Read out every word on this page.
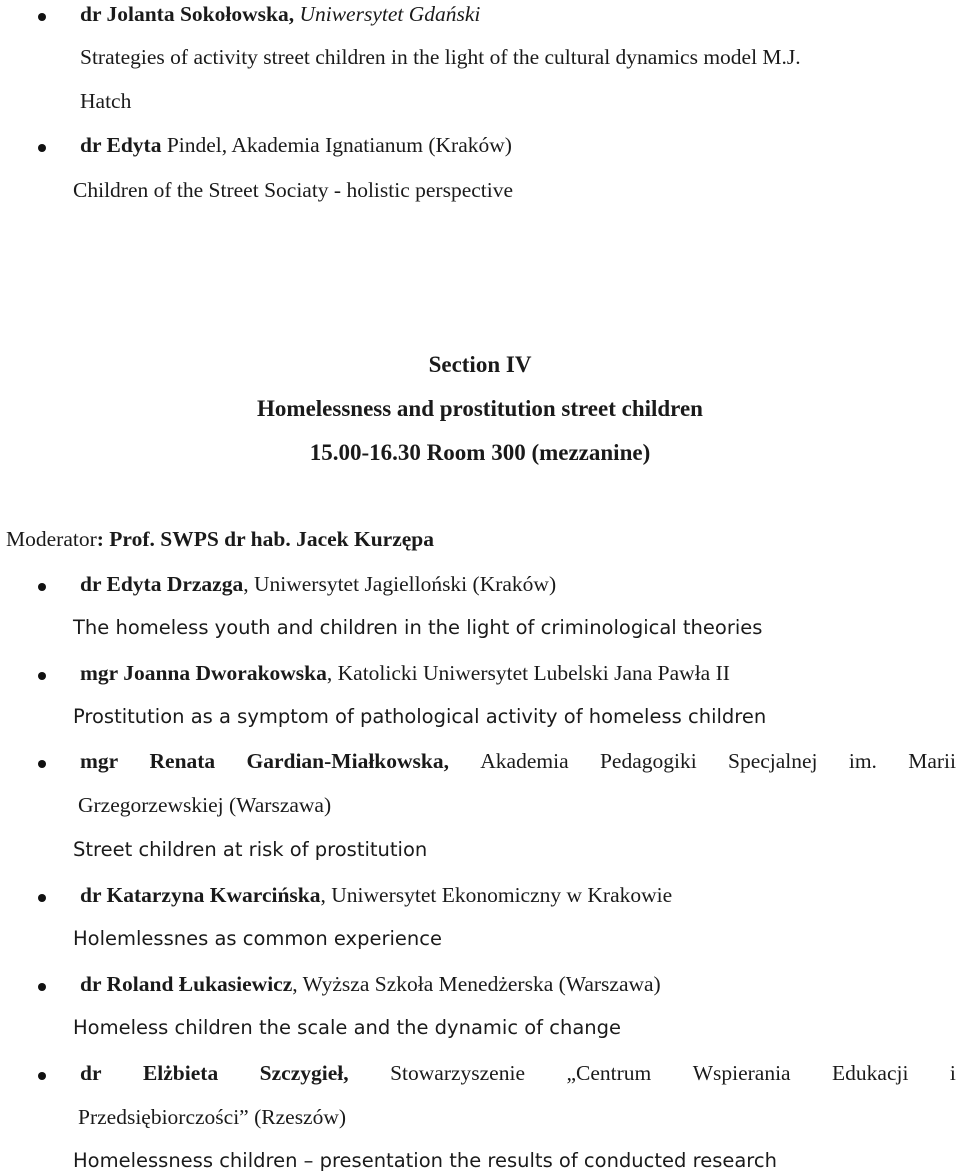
dr Jolanta Sokołowska, Uniwersytet Gdański
Strategies of activity street children in the light of the cultural dynamics model M.J.
Hatch
dr Edyta Pindel, Akademia Ignatianum (Kraków)
Children of the Street Sociaty - holistic perspective
Section IV
Homelessness and prostitution street children
15.00-16.30 Room 300 (mezzanine)
Moderator: Prof. SWPS dr hab. Jacek Kurzępa
dr Edyta Drzazga, Uniwersytet Jagielloński (Kraków)
The homeless youth and children in the light of criminological theories
mgr Joanna Dworakowska, Katolicki Uniwersytet Lubelski Jana Pawła II
Prostitution as a symptom of pathological activity of homeless children
mgr Renata Gardian-Miałkowska, Akademia Pedagogiki Specjalnej im. Marii
Grzegorzewskiej (Warszawa)
Street children at risk of prostitution
dr Katarzyna Kwarcińska, Uniwersytet Ekonomiczny w Krakowie
Holemlessnes as common experience
dr Roland Łukasiewicz, Wyższa Szkoła Menedżerska (Warszawa)
Homeless children the scale and the dynamic of change
dr Elżbieta Szczygieł, Stowarzyszenie „Centrum Wspierania Edukacji i
Przedsiębiorczości” (Rzeszów)
Homelessness children – presentation the results of conducted research
